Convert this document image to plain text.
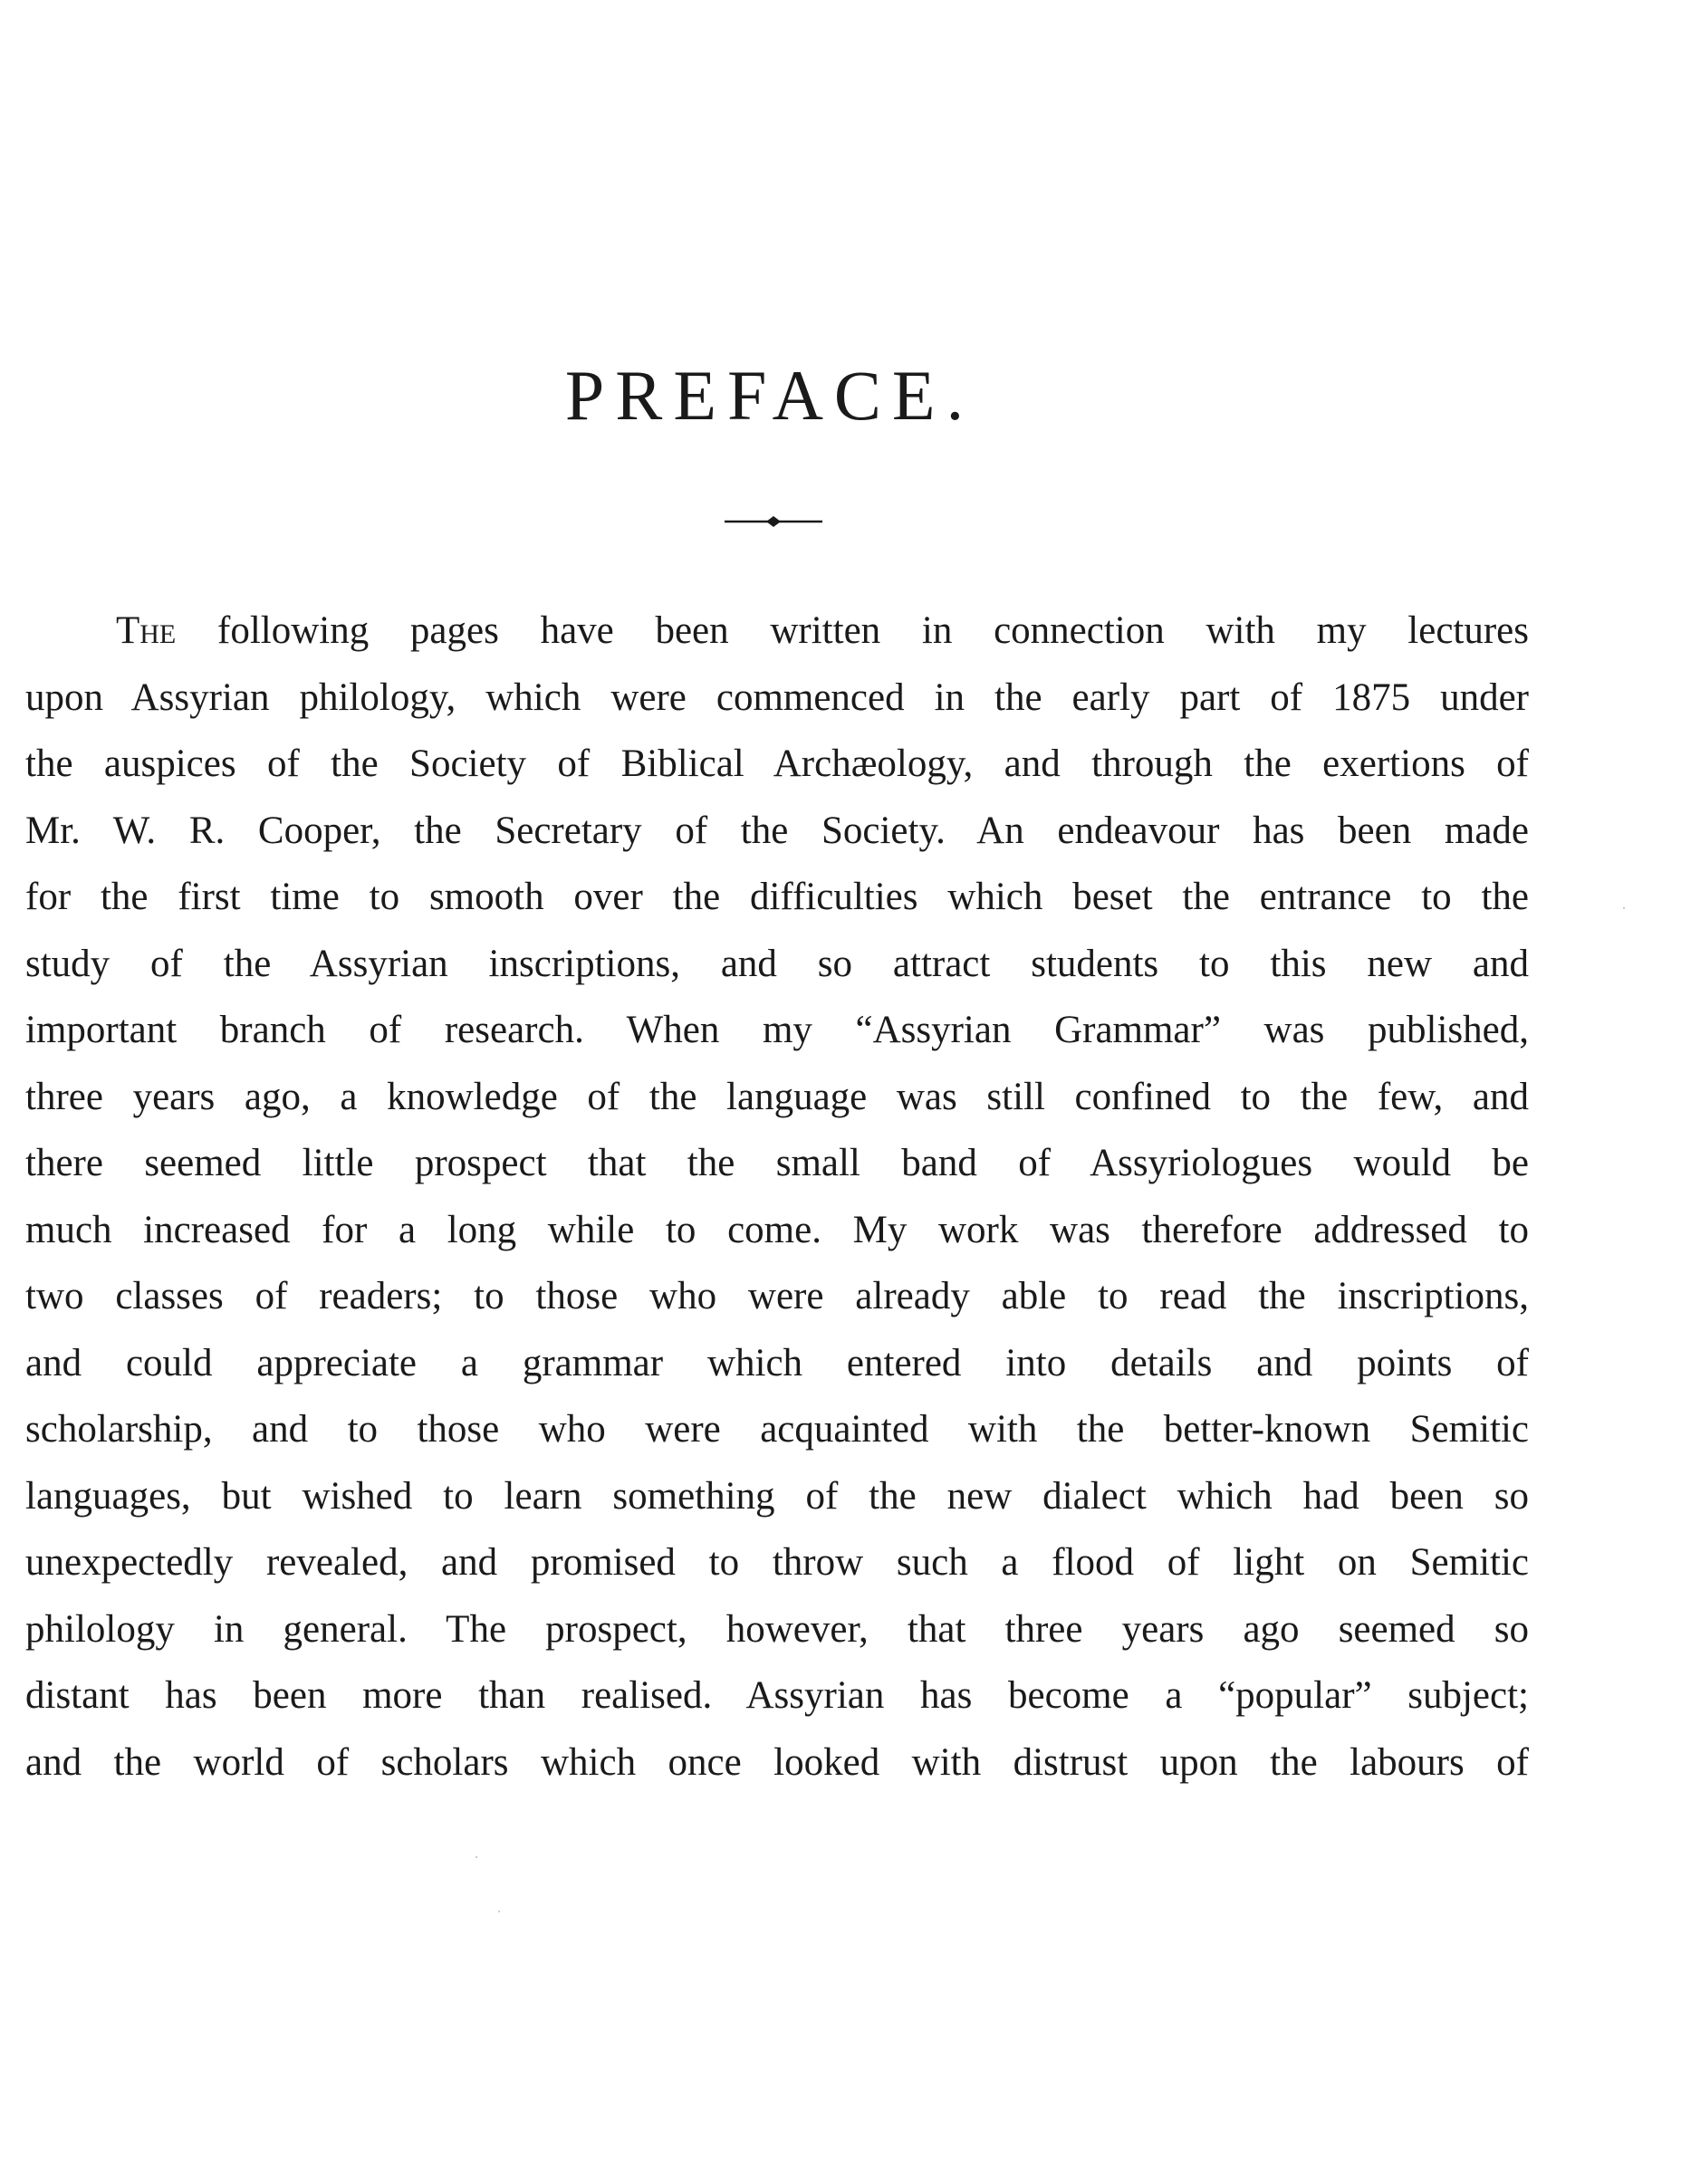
PREFACE.
The following pages have been written in connection with my lectures
upon Assyrian philology, which were commenced in the early part of 1875 under
the auspices of the Society of Biblical Archæology, and through the exertions of
Mr. W. R. Cooper, the Secretary of the Society. An endeavour has been made
for the first time to smooth over the difficulties which beset the entrance to the
study of the Assyrian inscriptions, and so attract students to this new and
important branch of research. When my “Assyrian Grammar” was published,
three years ago, a knowledge of the language was still confined to the few, and
there seemed little prospect that the small band of Assyriologues would be
much increased for a long while to come. My work was therefore addressed to
two classes of readers; to those who were already able to read the inscriptions,
and could appreciate a grammar which entered into details and points of
scholarship, and to those who were acquainted with the better-known Semitic
languages, but wished to learn something of the new dialect which had been so
unexpectedly revealed, and promised to throw such a flood of light on Semitic
philology in general. The prospect, however, that three years ago seemed so
distant has been more than realised. Assyrian has become a “popular” subject;
and the world of scholars which once looked with distrust upon the labours of
